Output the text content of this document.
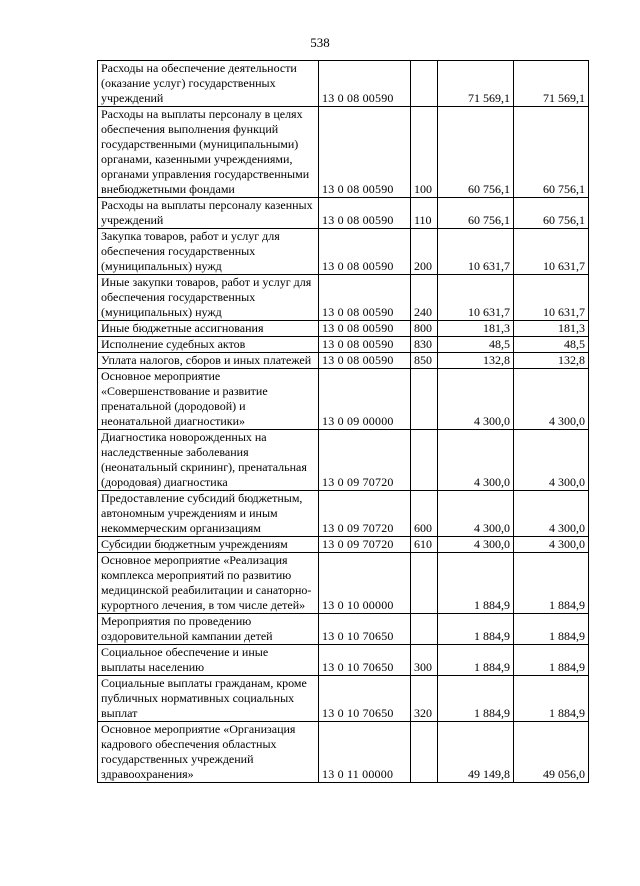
538
Расходы на обеспечение деятельности (оказание услуг) государственных учреждений	13 0 08 00590		71 569,1	71 569,1
Расходы на выплаты персоналу в целях обеспечения выполнения функций государственными (муниципальными) органами, казенными учреждениями, органами управления государственными внебюджетными фондами	13 0 08 00590	100	60 756,1	60 756,1
Расходы на выплаты персоналу казенных учреждений	13 0 08 00590	110	60 756,1	60 756,1
Закупка товаров, работ и услуг для обеспечения государственных (муниципальных) нужд	13 0 08 00590	200	10 631,7	10 631,7
Иные закупки товаров, работ и услуг для обеспечения государственных (муниципальных) нужд	13 0 08 00590	240	10 631,7	10 631,7
Иные бюджетные ассигнования	13 0 08 00590	800	181,3	181,3
Исполнение судебных актов	13 0 08 00590	830	48,5	48,5
Уплата налогов, сборов и иных платежей	13 0 08 00590	850	132,8	132,8
Основное мероприятие «Совершенствование и развитие пренатальной (дородовой) и неонатальной диагностики»	13 0 09 00000		4 300,0	4 300,0
Диагностика новорожденных на наследственные заболевания (неонатальный скрининг), пренатальная (дородовая) диагностика	13 0 09 70720		4 300,0	4 300,0
Предоставление субсидий бюджетным, автономным учреждениям и иным некоммерческим организациям	13 0 09 70720	600	4 300,0	4 300,0
Субсидии бюджетным учреждениям	13 0 09 70720	610	4 300,0	4 300,0
Основное мероприятие «Реализация комплекса мероприятий по развитию медицинской реабилитации и санаторно-курортного лечения, в том числе детей»	13 0 10 00000		1 884,9	1 884,9
Мероприятия по проведению оздоровительной кампании детей	13 0 10 70650		1 884,9	1 884,9
Социальное обеспечение и иные выплаты населению	13 0 10 70650	300	1 884,9	1 884,9
Социальные выплаты гражданам, кроме публичных нормативных социальных выплат	13 0 10 70650	320	1 884,9	1 884,9
Основное мероприятие «Организация кадрового обеспечения областных государственных учреждений здравоохранения»	13 0 11 00000		49 149,8	49 056,0
